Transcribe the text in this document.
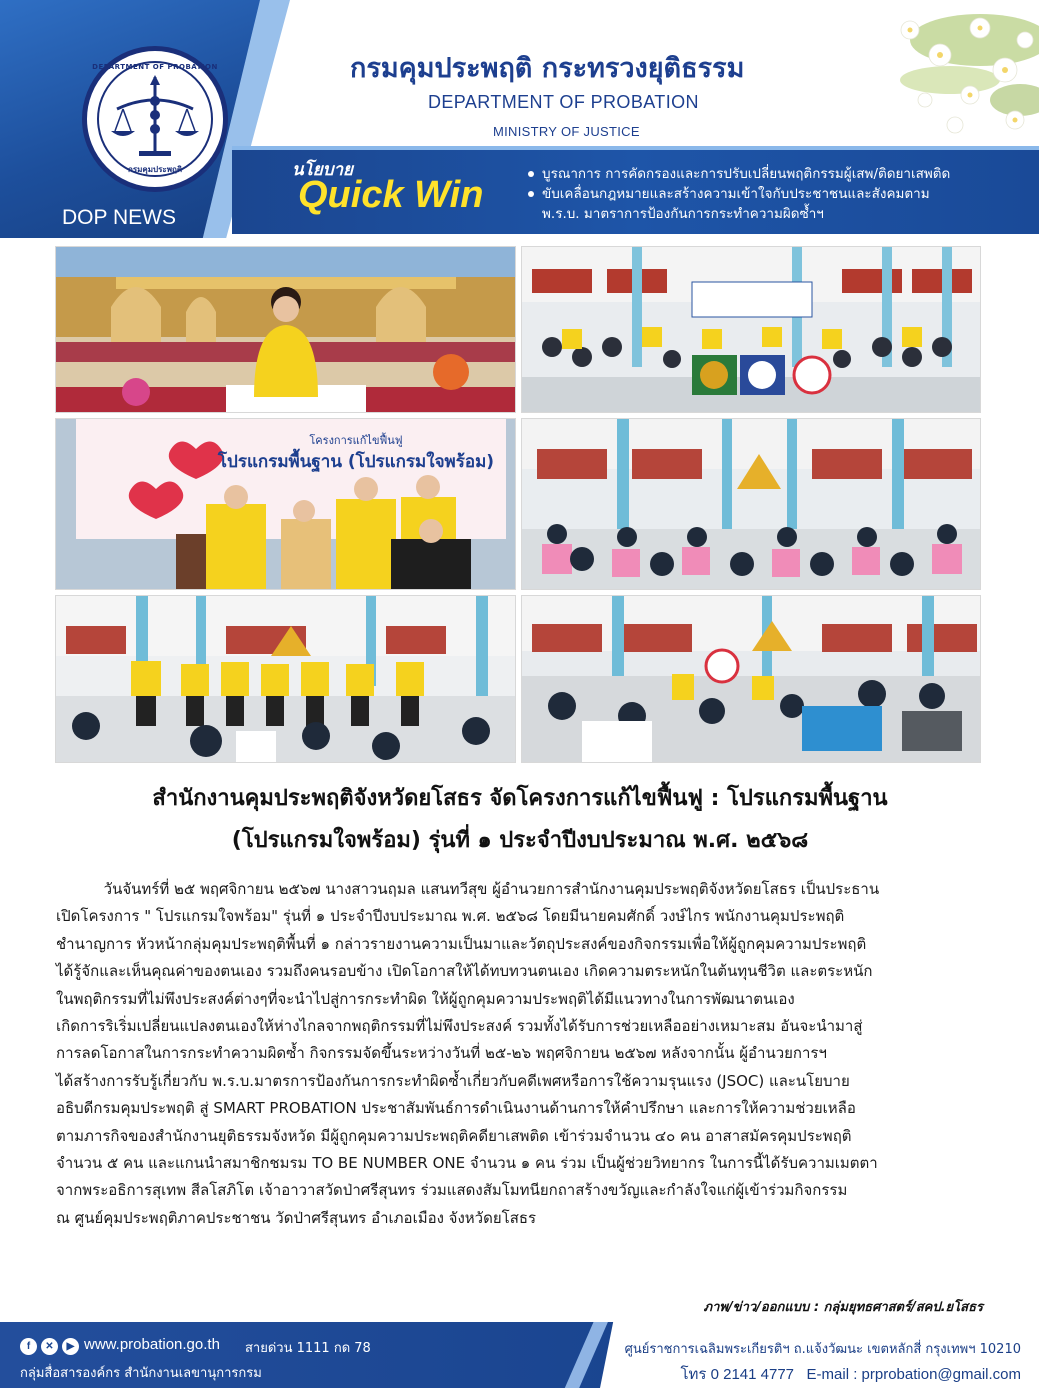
DEPARTMENT OF PROBATION
กรมคุมประพฤติ
DOP NEWS
กรมคุมประพฤติ กระทรวงยุติธรรม
DEPARTMENT OF PROBATION
MINISTRY OF JUSTICE
นโยบาย
Quick Win	บูรณาการ การคัดกรองและการปรับเปลี่ยนพฤติกรรมผู้เสพ/ติดยาเสพติด
ขับเคลื่อนกฎหมายและสร้างความเข้าใจกับประชาชนและสังคมตาม
พ.ร.บ. มาตราการป้องกันการกระทำความผิดซ้ำฯ
โครงการแก้ไขฟื้นฟู
โปรแกรมพื้นฐาน (โปรแกรมใจพร้อม)
สำนักงานคุมประพฤติจังหวัดยโสธร จัดโครงการแก้ไขฟื้นฟู : โปรแกรมพื้นฐาน
(โปรแกรมใจพร้อม) รุ่นที่ ๑ ประจำปีงบประมาณ พ.ศ. ๒๕๖๘
วันจันทร์ที่ ๒๕ พฤศจิกายน ๒๕๖๗ นางสาวนฤมล แสนทวีสุข ผู้อำนวยการสำนักงานคุมประพฤติจังหวัดยโสธร เป็นประธาน
เปิดโครงการ " โปรแกรมใจพร้อม" รุ่นที่ ๑ ประจำปีงบประมาณ พ.ศ. ๒๕๖๘ โดยมีนายคมศักดิ์ วงษ์ไกร พนักงานคุมประพฤติ
ชำนาญการ หัวหน้ากลุ่มคุมประพฤติพื้นที่ ๑ กล่าวรายงานความเป็นมาและวัตถุประสงค์ของกิจกรรมเพื่อให้ผู้ถูกคุมความประพฤติ
ได้รู้จักและเห็นคุณค่าของตนเอง รวมถึงคนรอบข้าง เปิดโอกาสให้ได้ทบทวนตนเอง เกิดความตระหนักในต้นทุนชีวิต และตระหนัก
ในพฤติกรรมที่ไม่พึงประสงค์ต่างๆที่จะนำไปสู่การกระทำผิด ให้ผู้ถูกคุมความประพฤติได้มีแนวทางในการพัฒนาตนเอง
เกิดการริเริ่มเปลี่ยนแปลงตนเองให้ห่างไกลจากพฤติกรรมที่ไม่พึงประสงค์ รวมทั้งได้รับการช่วยเหลืออย่างเหมาะสม อันจะนำมาสู่
การลดโอกาสในการกระทำความผิดซ้ำ กิจกรรมจัดขึ้นระหว่างวันที่ ๒๕-๒๖ พฤศจิกายน ๒๕๖๗ หลังจากนั้น ผู้อำนวยการฯ
ได้สร้างการรับรู้เกี่ยวกับ พ.ร.บ.มาตรการป้องกันการกระทำผิดซ้ำเกี่ยวกับคดีเพศหรือการใช้ความรุนแรง (JSOC) และนโยบาย
อธิบดีกรมคุมประพฤติ สู่ SMART PROBATION ประชาสัมพันธ์การดำเนินงานด้านการให้คำปรึกษา และการให้ความช่วยเหลือ
ตามภารกิจของสำนักงานยุติธรรมจังหวัด มีผู้ถูกคุมความประพฤติคดียาเสพติด เข้าร่วมจำนวน ๔๐ คน อาสาสมัครคุมประพฤติ
จำนวน ๕ คน และแกนนำสมาชิกชมรม TO BE NUMBER ONE จำนวน ๑ คน ร่วม เป็นผู้ช่วยวิทยากร ในการนี้ได้รับความเมตตา
จากพระอธิการสุเทพ สีลโสภิโต เจ้าอาวาสวัดป่าศรีสุนทร ร่วมแสดงสัมโมทนียกถาสร้างขวัญและกำลังใจแก่ผู้เข้าร่วมกิจกรรม
ณ ศูนย์คุมประพฤติภาคประชาชน วัดป่าศรีสุนทร อำเภอเมือง จังหวัดยโสธร
ภาพ/ข่าว/ออกแบบ : กลุ่มยุทธศาสตร์/สคป.ยโสธร
f	✕	▶ www.probation.go.th สายด่วน 1111 กด 78
กลุ่มสื่อสารองค์กร สำนักงานเลขานุการกรม
ศูนย์ราชการเฉลิมพระเกียรติฯ ถ.แจ้งวัฒนะ เขตหลักสี่ กรุงเทพฯ 10210
โทร 0 2141 4777   E-mail : prprobation@gmail.com
